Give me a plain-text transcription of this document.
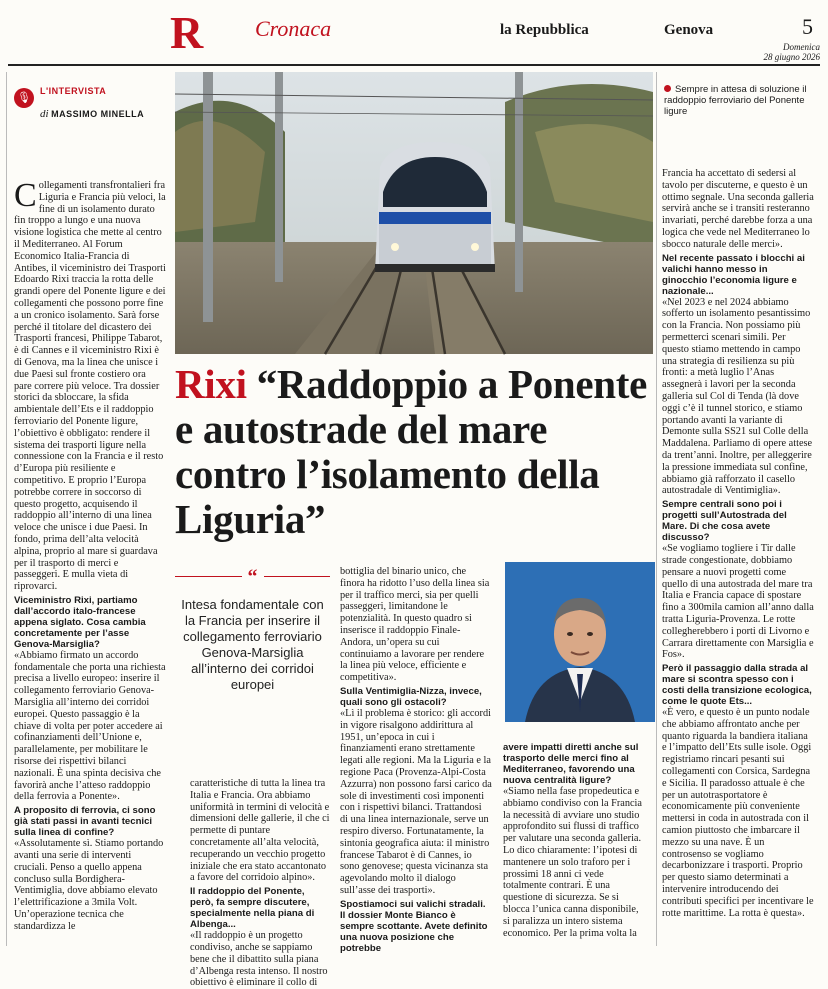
R Cronaca	la Repubblica	Genova	5
Domenica
28 giugno 2026
🎙	L'INTERVISTA
di MASSIMO MINELLA
Sempre in attesa di soluzione il raddoppio ferroviario del Ponente ligure
Rixi “Raddoppio a Ponente e autostrade del mare contro l’isolamento della Liguria”
“
Intesa fondamentale con la Francia per inserire il collegamento ferroviario Genova-Marsiglia all’interno dei corridoi europei

Collegamenti transfrontalieri fra Liguria e Francia più veloci, la fine di un isolamento durato fin troppo a lungo e una nuova visione logistica che mette al centro il Mediterraneo. Al Forum Economico Italia-Francia di Antibes, il viceministro dei Trasporti Edoardo Rixi traccia la rotta delle grandi opere del Ponente ligure e dei collegamenti che possono porre fine a un cronico isolamento. Sarà forse perché il titolare del dicastero dei Trasporti francesi, Philippe Tabarot, è di Cannes e il viceministro Rixi è di Genova, ma la linea che unisce i due Paesi sul fronte costiero ora pare correre più veloce. Tra dossier storici da sbloccare, la sfida ambientale dell’Ets e il raddoppio ferroviario del Ponente ligure, l’obiettivo è obbligato: rendere il sistema dei trasporti ligure nella connessione con la Francia e il resto d’Europa più resiliente e competitivo. E proprio l’Europa potrebbe correre in soccorso di questo progetto, acquisendo il raddoppio all’interno di una linea veloce che unisce i due Paesi. In fondo, prima dell’alta velocità alpina, proprio al mare si guardava per il trasporto di merci e passeggeri. E mulla vieta di riprovarci.

Viceministro Rixi, partiamo dall’accordo italo-francese appena siglato. Cosa cambia concretamente per l’asse Genova-Marsiglia?

«Abbiamo firmato un accordo fondamentale che porta una richiesta precisa a livello europeo: inserire il collegamento ferroviario Genova-Marsiglia all’interno dei corridoi europei. Questo passaggio è la chiave di volta per poter accedere ai cofinanziamenti dell’Unione e, parallelamente, per mobilitare le risorse dei rispettivi bilanci nazionali. È una spinta decisiva che favorirà anche l’atteso raddoppio della ferrovia a Ponente».

A proposito di ferrovia, ci sono già stati passi in avanti tecnici sulla linea di confine?

«Assolutamente sì. Stiamo portando avanti una serie di interventi cruciali. Penso a quello appena concluso sulla Bordighera-Ventimiglia, dove abbiamo elevato l’elettrificazione a 3mila Volt. Un’operazione tecnica che standardizza le

caratteristiche di tutta la linea tra Italia e Francia. Ora abbiamo uniformità in termini di velocità e dimensioni delle gallerie, il che ci permette di puntare concretamente all’alta velocità, recuperando un vecchio progetto iniziale che era stato accantonato a favore del corridoio alpino».

Il raddoppio del Ponente, però, fa sempre discutere, specialmente nella piana di Albenga...

«Il raddoppio è un progetto condiviso, anche se sappiamo bene che il dibattito sulla piana d’Albenga resta intenso. Il nostro obiettivo è eliminare il collo di

bottiglia del binario unico, che finora ha ridotto l’uso della linea sia per il traffico merci, sia per quelli passeggeri, limitandone le potenzialità. In questo quadro si inserisce il raddoppio Finale-Andora, un’opera su cui continuiamo a lavorare per rendere la linea più veloce, efficiente e competitiva».

Sulla Ventimiglia-Nizza, invece, quali sono gli ostacoli?

«Lì il problema è storico: gli accordi in vigore risalgono addirittura al 1951, un’epoca in cui i finanziamenti erano strettamente legati alle regioni. Ma la Liguria e la regione Paca (Provenza-Alpi-Costa Azzurra) non possono farsi carico da sole di investimenti così imponenti con i rispettivi bilanci. Trattandosi di una linea internazionale, serve un respiro diverso. Fortunatamente, la sintonia geografica aiuta: il ministro francese Tabarot è di Cannes, io sono genovese; questa vicinanza sta agevolando molto il dialogo sull’asse dei trasporti».

Spostiamoci sui valichi stradali. Il dossier Monte Bianco è sempre scottante. Avete definito una nuova posizione che potrebbe

avere impatti diretti anche sul trasporto delle merci fino al Mediterraneo, favorendo una nuova centralità ligure?

«Siamo nella fase propedeutica e abbiamo condiviso con la Francia la necessità di avviare uno studio approfondito sui flussi di traffico per valutare una seconda galleria. Lo dico chiaramente: l’ipotesi di mantenere un solo traforo per i prossimi 18 anni ci vede totalmente contrari. È una questione di sicurezza. Se si blocca l’unica canna disponibile, si paralizza un intero sistema economico. Per la prima volta la

Francia ha accettato di sedersi al tavolo per discuterne, e questo è un ottimo segnale. Una seconda galleria servirà anche se i transiti resteranno invariati, perché darebbe forza a una logica che vede nel Mediterraneo lo sbocco naturale delle merci».

Nel recente passato i blocchi ai valichi hanno messo in ginocchio l’economia ligure e nazionale...

«Nel 2023 e nel 2024 abbiamo sofferto un isolamento pesantissimo con la Francia. Non possiamo più permetterci scenari simili. Per questo stiamo mettendo in campo una strategia di resilienza su più fronti: a metà luglio l’Anas assegnerà i lavori per la seconda galleria sul Col di Tenda (là dove oggi c’è il tunnel storico, e stiamo portando avanti la variante di Demonte sulla SS21 sul Colle della Maddalena. Parliamo di opere attese da trent’anni. Inoltre, per alleggerire la pressione immediata sul confine, abbiamo già rafforzato il casello autostradale di Ventimiglia».

Sempre centrali sono poi i progetti sull’Autostrada del Mare. Di che cosa avete discusso?

«Se vogliamo togliere i Tir dalle strade congestionate, dobbiamo pensare a nuovi progetti come quello di una autostrada del mare tra Italia e Francia capace di spostare fino a 300mila camion all’anno dalla tratta Liguria-Provenza. Le rotte collegherebbero i porti di Livorno e Carrara direttamente con Marsiglia e Fos».

Però il passaggio dalla strada al mare si scontra spesso con i costi della transizione ecologica, come le quote Ets...

«È vero, e questo è un punto nodale che abbiamo affrontato anche per quanto riguarda la bandiera italiana e l’impatto dell’Ets sulle isole. Oggi registriamo rincari pesanti sui collegamenti con Corsica, Sardegna e Sicilia. Il paradosso attuale è che per un autotrasportatore è economicamente più conveniente mettersi in coda in autostrada con il camion piuttosto che imbarcare il mezzo su una nave. È un controsenso se vogliamo decarbonizzare i trasporti. Proprio per questo siamo determinati a intervenire introducendo dei contributi specifici per incentivare le rotte marittime. La rotta è questa».
